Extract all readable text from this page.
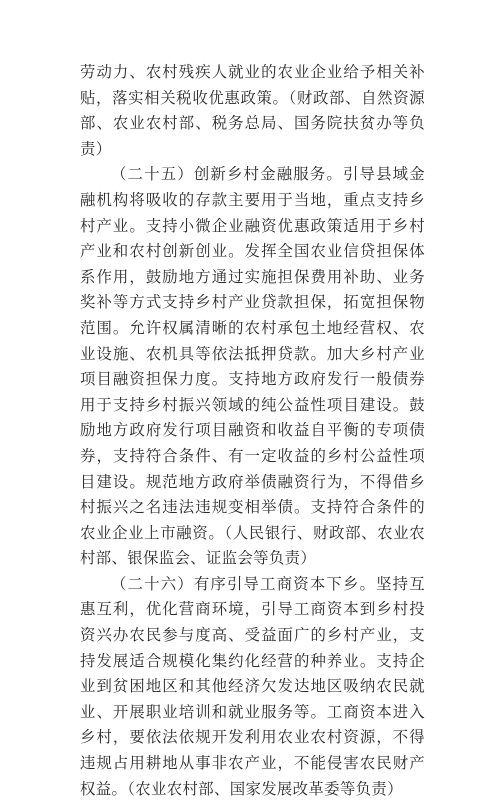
劳动力、农村残疾人就业的农业企业给予相关补贴，落实相关税收优惠政策。（财政部、自然资源部、农业农村部、税务总局、国务院扶贫办等负责）

（二十五）创新乡村金融服务。引导县域金融机构将吸收的存款主要用于当地，重点支持乡村产业。支持小微企业融资优惠政策适用于乡村产业和农村创新创业。发挥全国农业信贷担保体系作用，鼓励地方通过实施担保费用补助、业务奖补等方式支持乡村产业贷款担保，拓宽担保物范围。允许权属清晰的农村承包土地经营权、农业设施、农机具等依法抵押贷款。加大乡村产业项目融资担保力度。支持地方政府发行一般债券用于支持乡村振兴领域的纯公益性项目建设。鼓励地方政府发行项目融资和收益自平衡的专项债券，支持符合条件、有一定收益的乡村公益性项目建设。规范地方政府举债融资行为，不得借乡村振兴之名违法违规变相举债。支持符合条件的农业企业上市融资。（人民银行、财政部、农业农村部、银保监会、证监会等负责）

（二十六）有序引导工商资本下乡。坚持互惠互利，优化营商环境，引导工商资本到乡村投资兴办农民参与度高、受益面广的乡村产业，支持发展适合规模化集约化经营的种养业。支持企业到贫困地区和其他经济欠发达地区吸纳农民就业、开展职业培训和就业服务等。工商资本进入乡村，要依法依规开发利用农业农村资源，不得违规占用耕地从事非农产业，不能侵害农民财产权益。（农业农村部、国家发展改革委等负责）
